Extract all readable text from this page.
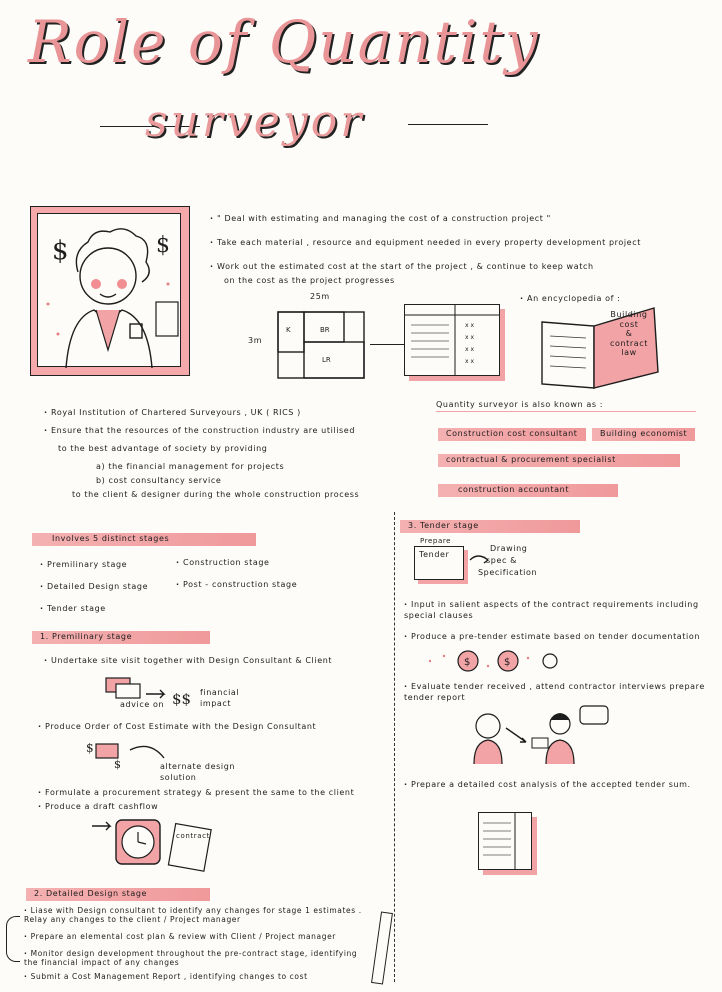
Role of Quantity
surveyor
$	$
· " Deal with estimating and managing the cost of a construction project "
· Take each material , resource and equipment needed in every property development project
· Work out the estimated cost at the start of the project , & continue to keep watch
on the cost as the project progresses
25m
3m
K	BR
LR
x x
x x
x x
x x
· An encyclopedia of :
Building
cost
&
contract
law
· Royal Institution of Chartered Surveyours , UK ( RICS )
· Ensure that the resources of the construction industry are utilised
to the best advantage of society by providing
a) the financial management for projects
b) cost consultancy service
to the client & designer during the whole construction process
Quantity surveyor is also known as :
Construction cost consultant	Building economist
contractual & procurement specialist
construction accountant
Involves 5 distinct stages
· Premilinary stage
· Detailed Design stage
· Tender stage
· Construction stage
· Post - construction stage
1. Premilinary stage
· Undertake site visit together with Design Consultant & Client
$$
advice on
financial impact
· Produce Order of Cost Estimate with the Design Consultant
$
$	alternate design solution
· Formulate a procurement strategy & present the same to the client
· Produce a draft cashflow
contract
2. Detailed Design stage
· Liase with Design consultant to identify any changes for stage 1 estimates . Relay any changes to the client / Project manager
· Prepare an elemental cost plan & review with Client / Project manager
· Monitor design development throughout the pre-contract stage, identifying the financial impact of any changes
· Submit a Cost Management Report , identifying changes to cost
3. Tender stage
Prepare
Tender
Drawing
spec &
Specification
· Input in salient aspects of the contract requirements including special clauses
· Produce a pre-tender estimate based on tender documentation
$	$
· Evaluate tender received , attend contractor interviews prepare tender report
· Prepare a detailed cost analysis of the accepted tender sum.
